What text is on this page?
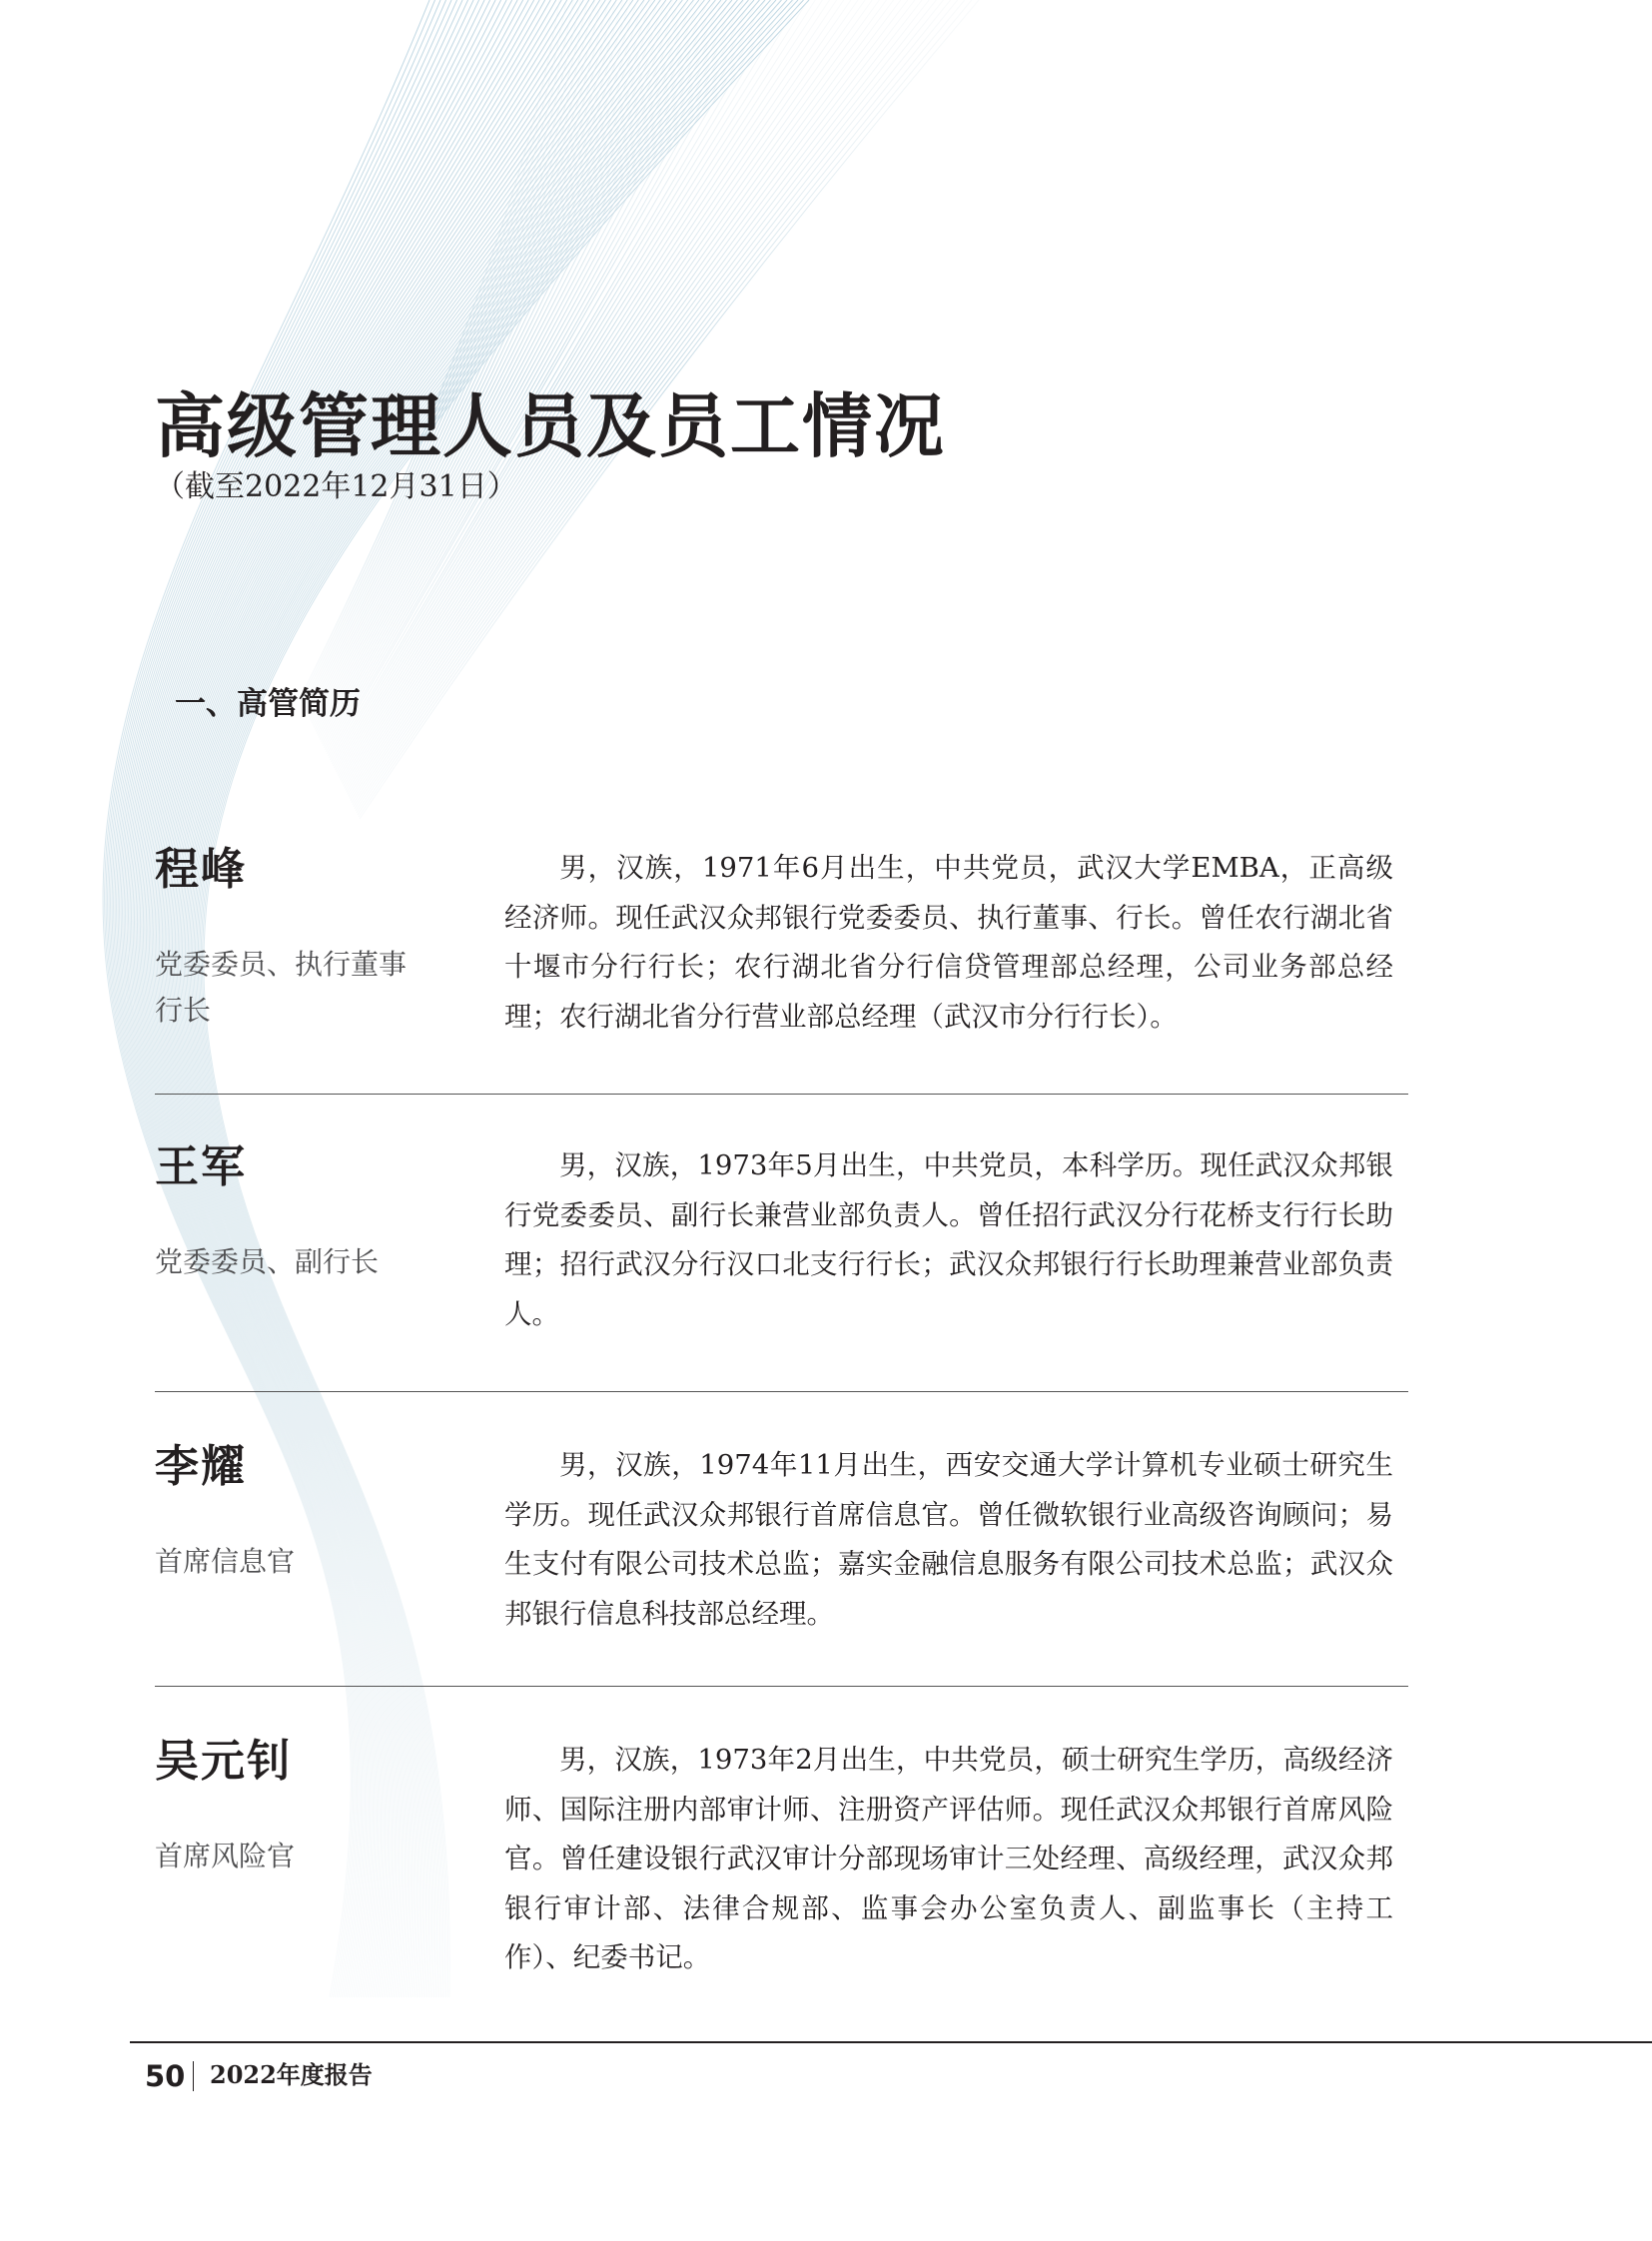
高级管理人员及员工情况
（截至2022年12月31日）
一、高管简历
程峰
党委委员、执行董事
行长
男，汉族，1971年6月出生，中共党员，武汉大学EMBA，正高级经济师。现任武汉众邦银行党委委员、执行董事、行长。曾任农行湖北省十堰市分行行长；农行湖北省分行信贷管理部总经理，公司业务部总经理；农行湖北省分行营业部总经理（武汉市分行行长）。
王军
党委委员、副行长
男，汉族，1973年5月出生，中共党员，本科学历。现任武汉众邦银行党委委员、副行长兼营业部负责人。曾任招行武汉分行花桥支行行长助理；招行武汉分行汉口北支行行长；武汉众邦银行行长助理兼营业部负责人。
李耀
首席信息官
男，汉族，1974年11月出生，西安交通大学计算机专业硕士研究生学历。现任武汉众邦银行首席信息官。曾任微软银行业高级咨询顾问；易生支付有限公司技术总监；嘉实金融信息服务有限公司技术总监；武汉众邦银行信息科技部总经理。
吴元钊
首席风险官
男，汉族，1973年2月出生，中共党员，硕士研究生学历，高级经济师、国际注册内部审计师、注册资产评估师。现任武汉众邦银行首席风险官。曾任建设银行武汉审计分部现场审计三处经理、高级经理，武汉众邦银行审计部、法律合规部、监事会办公室负责人、副监事长（主持工作）、纪委书记。
50 2022年度报告
